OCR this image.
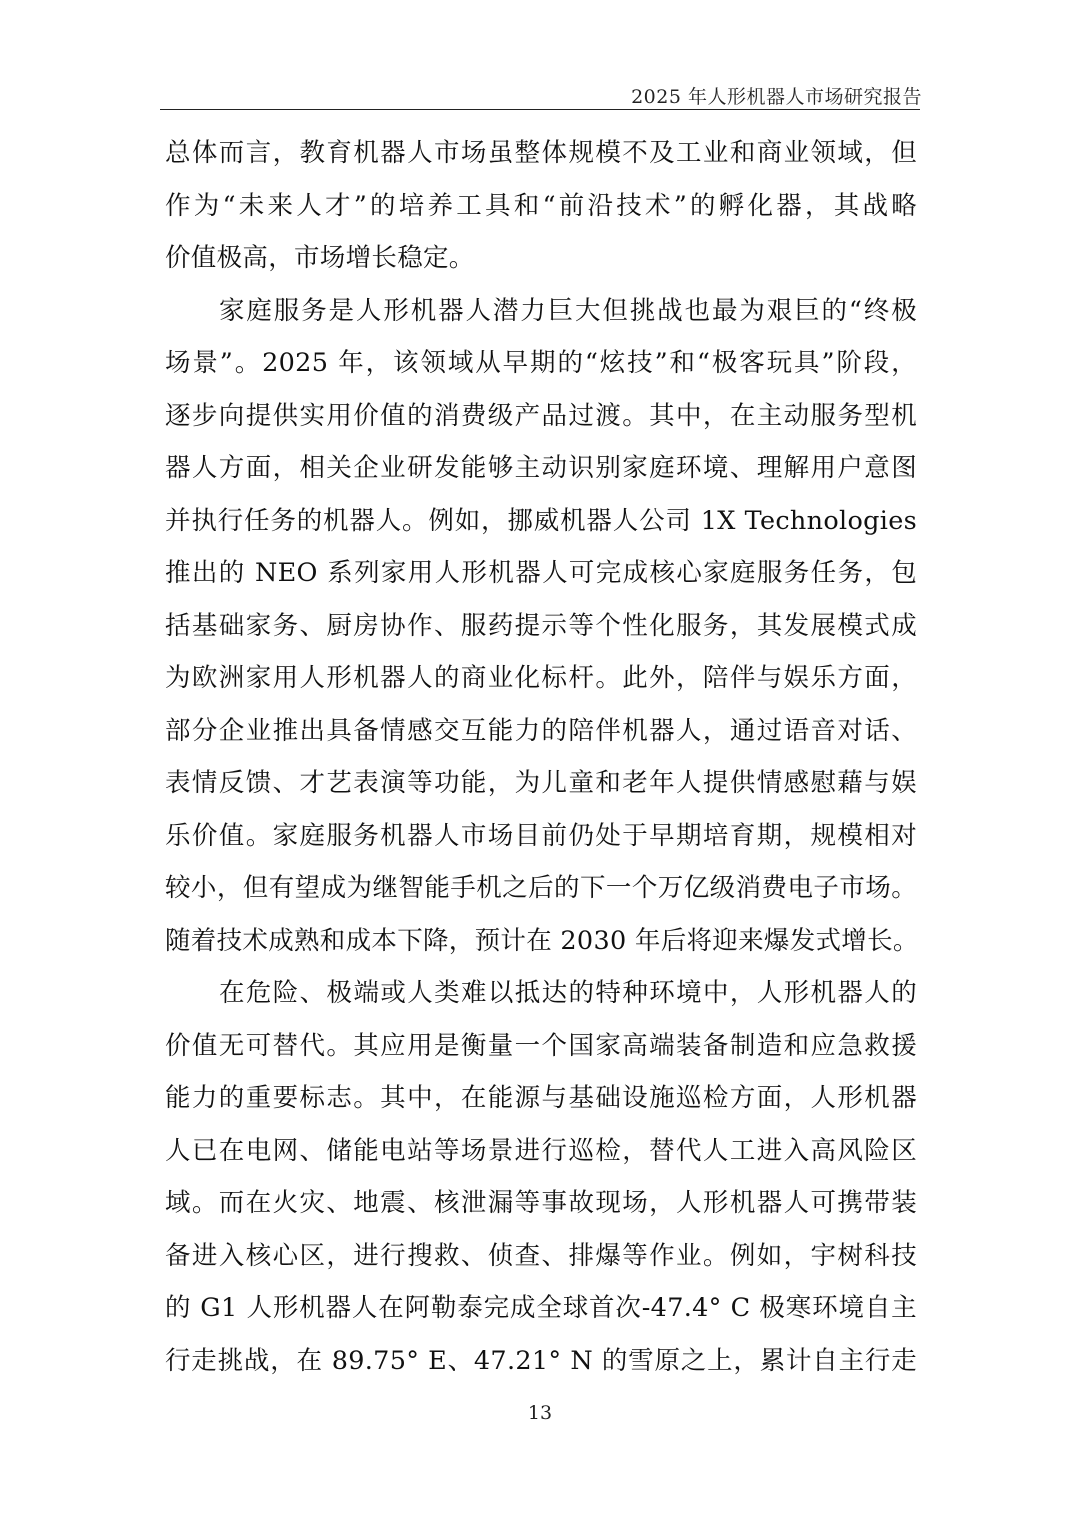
2025 年人形机器人市场研究报告
总体而言，教育机器人市场虽整体规模不及工业和商业领域，但
作为“未来人才”的培养工具和“前沿技术”的孵化器，其战略
价值极高，市场增长稳定。
家庭服务是人形机器人潜力巨大但挑战也最为艰巨的“终极
场景”。2025 年，该领域从早期的“炫技”和“极客玩具”阶段，
逐步向提供实用价值的消费级产品过渡。其中，在主动服务型机
器人方面，相关企业研发能够主动识别家庭环境、理解用户意图
并执行任务的机器人。例如，挪威机器人公司 1X Technologies
推出的 NEO 系列家用人形机器人可完成核心家庭服务任务，包
括基础家务、厨房协作、服药提示等个性化服务，其发展模式成
为欧洲家用人形机器人的商业化标杆。此外，陪伴与娱乐方面，
部分企业推出具备情感交互能力的陪伴机器人，通过语音对话、
表情反馈、才艺表演等功能，为儿童和老年人提供情感慰藉与娱
乐价值。家庭服务机器人市场目前仍处于早期培育期，规模相对
较小，但有望成为继智能手机之后的下一个万亿级消费电子市场。
随着技术成熟和成本下降，预计在 2030 年后将迎来爆发式增长。
在危险、极端或人类难以抵达的特种环境中，人形机器人的
价值无可替代。其应用是衡量一个国家高端装备制造和应急救援
能力的重要标志。其中，在能源与基础设施巡检方面，人形机器
人已在电网、储能电站等场景进行巡检，替代人工进入高风险区
域。而在火灾、地震、核泄漏等事故现场，人形机器人可携带装
备进入核心区，进行搜救、侦查、排爆等作业。例如，宇树科技
的 G1 人形机器人在阿勒泰完成全球首次-47.4° C 极寒环境自主
行走挑战，在 89.75° E、47.21° N 的雪原之上，累计自主行走
13
